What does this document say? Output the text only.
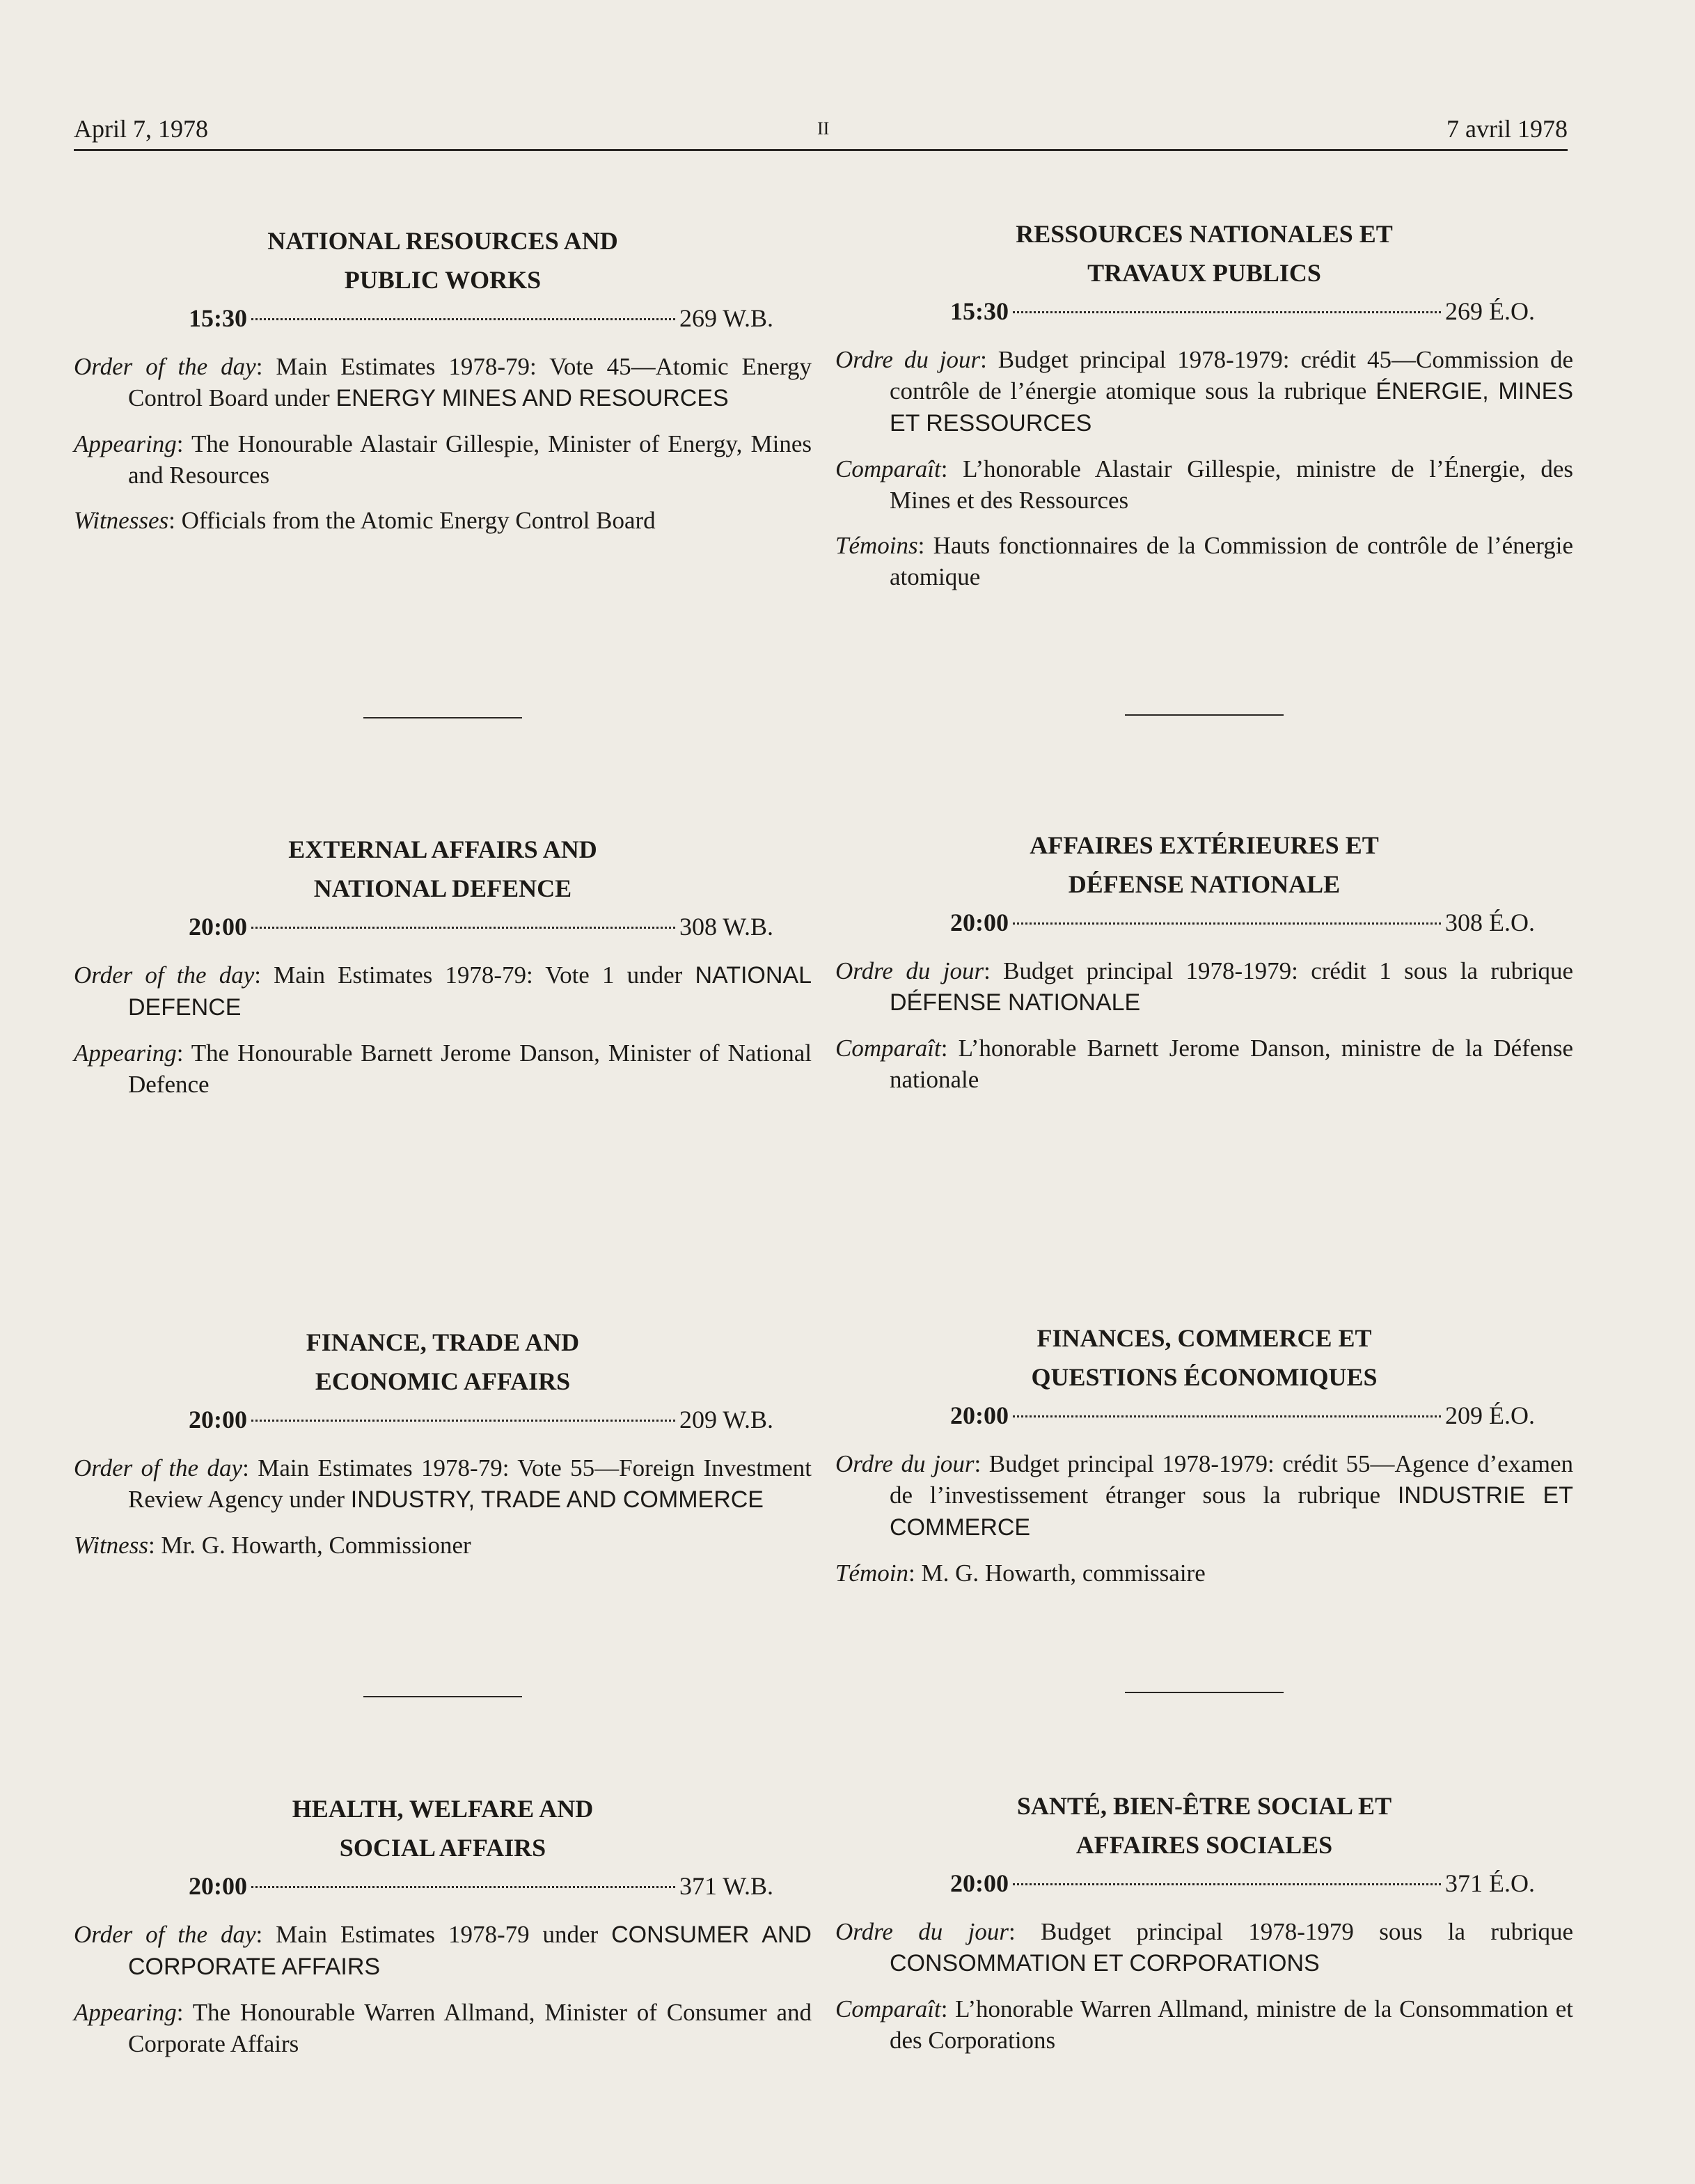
April 7, 1978	II	7 avril 1978
NATIONAL RESOURCES AND
PUBLIC WORKS
15:30	269 W.B.

Order of the day: Main Estimates 1978-79: Vote 45—Atomic Energy Control Board under ENERGY MINES AND RESOURCES

Appearing: The Honourable Alastair Gillespie, Minister of Energy, Mines and Resources

Witnesses: Officials from the Atomic Energy Control Board

EXTERNAL AFFAIRS AND
NATIONAL DEFENCE
20:00	308 W.B.

Order of the day: Main Estimates 1978-79: Vote 1 under NATIONAL DEFENCE

Appearing: The Honourable Barnett Jerome Danson, Minister of National Defence

FINANCE, TRADE AND
ECONOMIC AFFAIRS
20:00	209 W.B.

Order of the day: Main Estimates 1978-79: Vote 55—Foreign Investment Review Agency under INDUSTRY, TRADE AND COMMERCE

Witness: Mr. G. Howarth, Commissioner

HEALTH, WELFARE AND
SOCIAL AFFAIRS
20:00	371 W.B.

Order of the day: Main Estimates 1978-79 under CONSUMER AND CORPORATE AFFAIRS

Appearing: The Honourable Warren Allmand, Minister of Consumer and Corporate Affairs

RESSOURCES NATIONALES ET
TRAVAUX PUBLICS
15:30	269 É.O.

Ordre du jour: Budget principal 1978-1979: crédit 45—Commission de contrôle de l’énergie atomique sous la rubrique ÉNERGIE, MINES ET RESSOURCES

Comparaît: L’honorable Alastair Gillespie, ministre de l’Énergie, des Mines et des Ressources

Témoins: Hauts fonctionnaires de la Commission de contrôle de l’énergie atomique

AFFAIRES EXTÉRIEURES ET
DÉFENSE NATIONALE
20:00	308 É.O.

Ordre du jour: Budget principal 1978-1979: crédit 1 sous la rubrique DÉFENSE NATIONALE

Comparaît: L’honorable Barnett Jerome Danson, ministre de la Défense nationale

FINANCES, COMMERCE ET
QUESTIONS ÉCONOMIQUES
20:00	209 É.O.

Ordre du jour: Budget principal 1978-1979: crédit 55—Agence d’examen de l’investissement étranger sous la rubrique INDUSTRIE ET COMMERCE

Témoin: M. G. Howarth, commissaire

SANTÉ, BIEN-ÊTRE SOCIAL ET
AFFAIRES SOCIALES
20:00	371 É.O.

Ordre du jour: Budget principal 1978-1979 sous la rubrique CONSOMMATION ET CORPORATIONS

Comparaît: L’honorable Warren Allmand, ministre de la Consommation et des Corporations
